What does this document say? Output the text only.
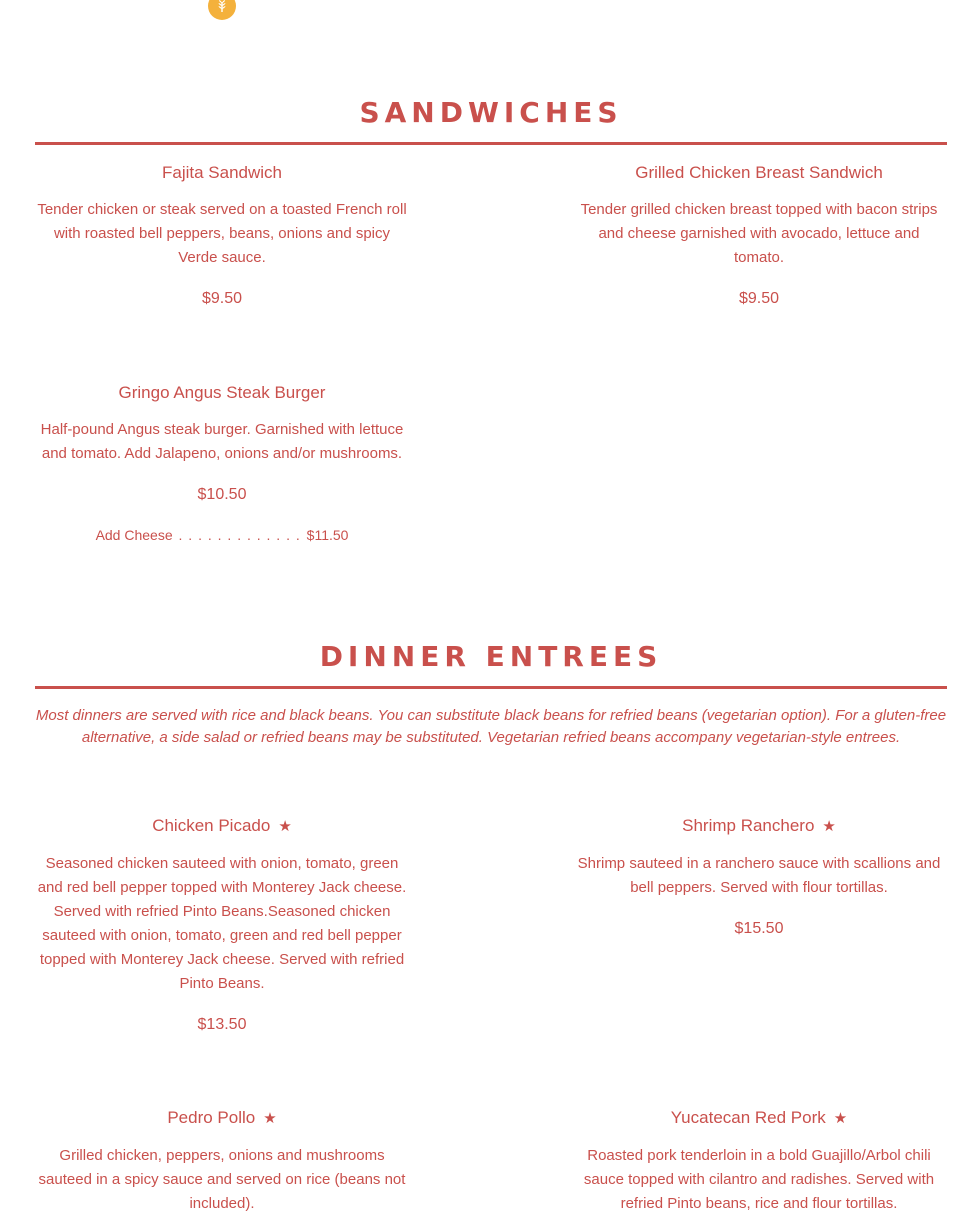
SANDWICHES
Fajita Sandwich
Tender chicken or steak served on a toasted French roll with roasted bell peppers, beans, onions and spicy Verde sauce.
$9.50
Grilled Chicken Breast Sandwich
Tender grilled chicken breast topped with bacon strips and cheese garnished with avocado, lettuce and tomato.
$9.50
Gringo Angus Steak Burger
Half-pound Angus steak burger. Garnished with lettuce and tomato. Add Jalapeno, onions and/or mushrooms.
$10.50
Add Cheese . . . . . . . . . . . . . $11.50
DINNER ENTREES
Most dinners are served with rice and black beans. You can substitute black beans for refried beans (vegetarian option). For a gluten-free alternative, a side salad or refried beans may be substituted. Vegetarian refried beans accompany vegetarian-style entrees.
Chicken Picado ★
Seasoned chicken sauteed with onion, tomato, green and red bell pepper topped with Monterey Jack cheese. Served with refried Pinto Beans.Seasoned chicken sauteed with onion, tomato, green and red bell pepper topped with Monterey Jack cheese. Served with refried Pinto Beans.
$13.50
Shrimp Ranchero ★
Shrimp sauteed in a ranchero sauce with scallions and bell peppers. Served with flour tortillas.
$15.50
Pedro Pollo ★
Grilled chicken, peppers, onions and mushrooms sauteed in a spicy sauce and served on rice (beans not included).
Yucatecan Red Pork ★
Roasted pork tenderloin in a bold Guajillo/Arbol chili sauce topped with cilantro and radishes. Served with refried Pinto beans, rice and flour tortillas.
